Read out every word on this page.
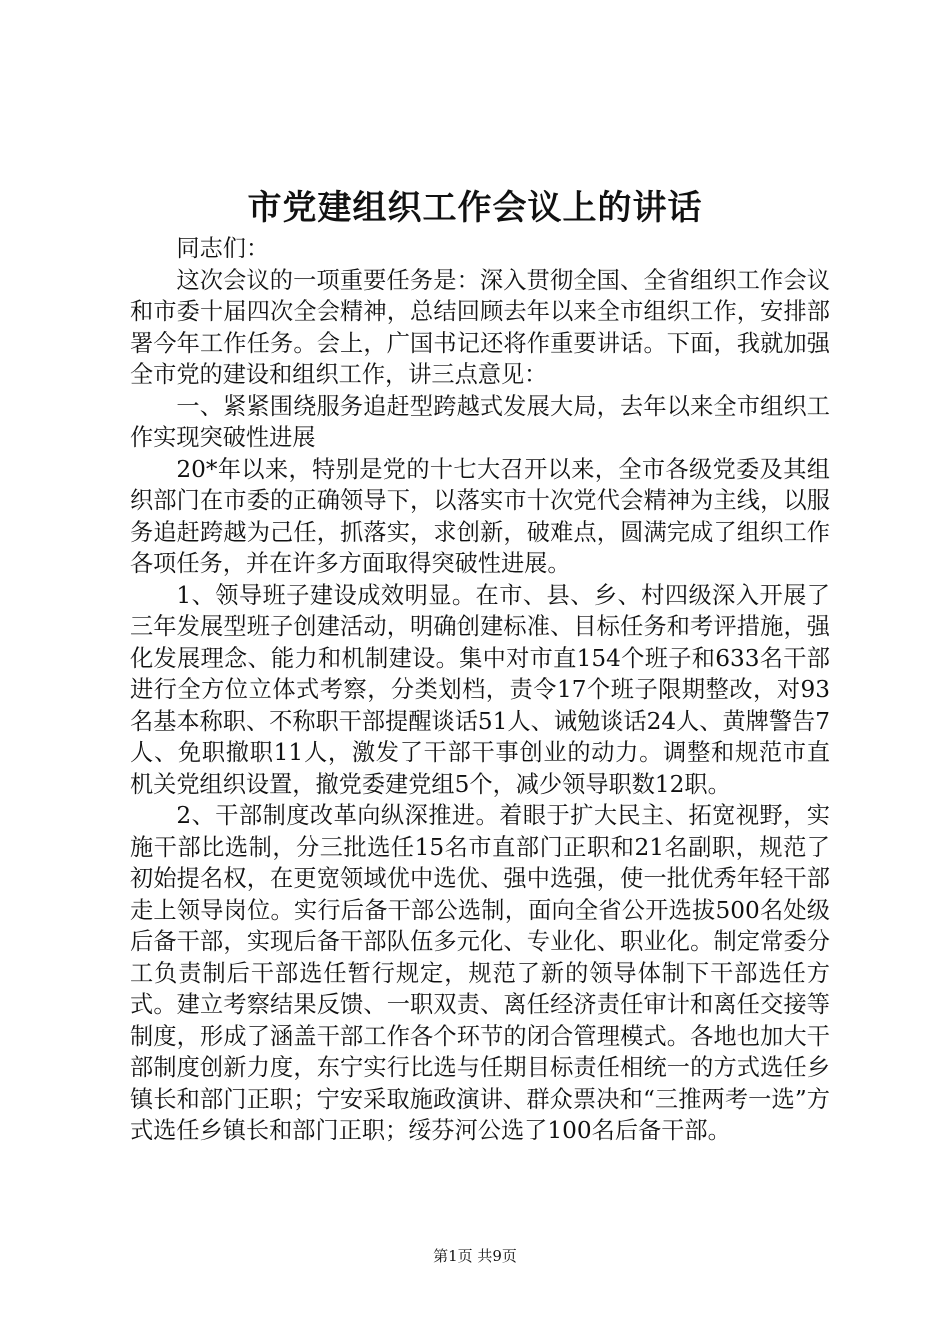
市党建组织工作会议上的讲话

同志们：

这次会议的一项重要任务是：深入贯彻全国、全省组织工作会议和市委十届四次全会精神，总结回顾去年以来全市组织工作，安排部署今年工作任务。会上，广国书记还将作重要讲话。下面，我就加强全市党的建设和组织工作，讲三点意见：

一、紧紧围绕服务追赶型跨越式发展大局，去年以来全市组织工作实现突破性进展

20*年以来，特别是党的十七大召开以来，全市各级党委及其组织部门在市委的正确领导下，以落实市十次党代会精神为主线，以服务追赶跨越为己任，抓落实，求创新，破难点，圆满完成了组织工作各项任务，并在许多方面取得突破性进展。

1、领导班子建设成效明显。在市、县、乡、村四级深入开展了三年发展型班子创建活动，明确创建标准、目标任务和考评措施，强化发展理念、能力和机制建设。集中对市直154个班子和633名干部进行全方位立体式考察，分类划档，责令17个班子限期整改，对93名基本称职、不称职干部提醒谈话51人、诫勉谈话24人、黄牌警告7人、免职撤职11人，激发了干部干事创业的动力。调整和规范市直机关党组织设置，撤党委建党组5个，减少领导职数12职。

2、干部制度改革向纵深推进。着眼于扩大民主、拓宽视野，实施干部比选制，分三批选任15名市直部门正职和21名副职，规范了初始提名权，在更宽领域优中选优、强中选强，使一批优秀年轻干部走上领导岗位。实行后备干部公选制，面向全省公开选拔500名处级后备干部，实现后备干部队伍多元化、专业化、职业化。制定常委分工负责制后干部选任暂行规定，规范了新的领导体制下干部选任方式。建立考察结果反馈、一职双责、离任经济责任审计和离任交接等制度，形成了涵盖干部工作各个环节的闭合管理模式。各地也加大干部制度创新力度，东宁实行比选与任期目标责任相统一的方式选任乡镇长和部门正职；宁安采取施政演讲、群众票决和“三推两考一选”方式选任乡镇长和部门正职；绥芬河公选了100名后备干部。

第1页 共9页
